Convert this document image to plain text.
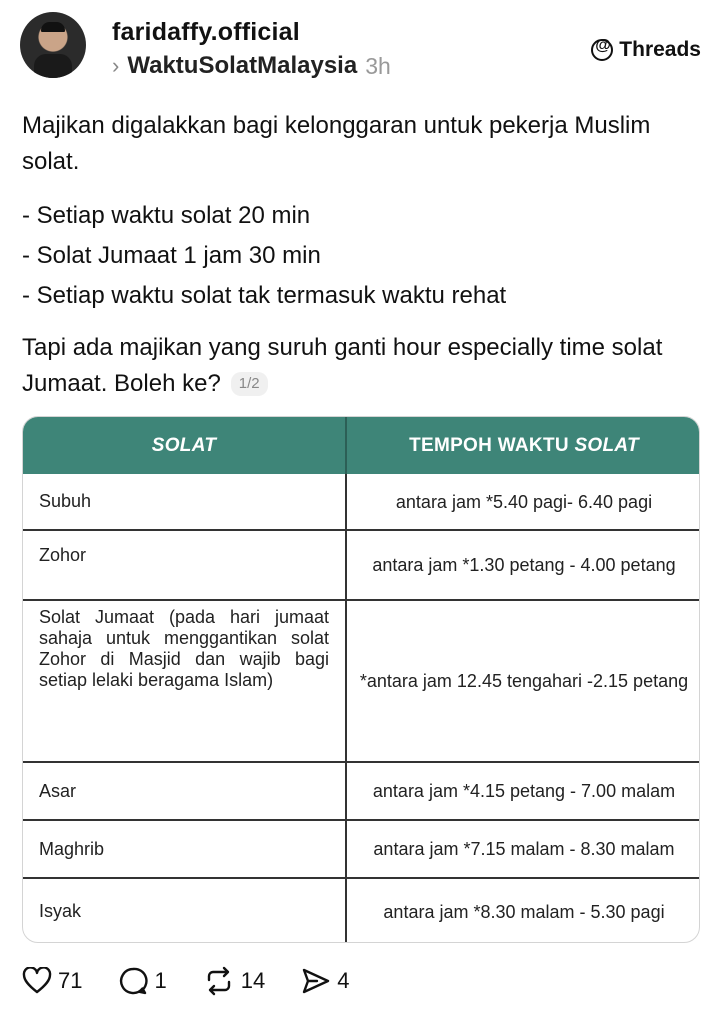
faridaffy.official
› WaktuSolatMalaysia 3h
@
Threads
Majikan digalakkan bagi kelonggaran untuk pekerja Muslim solat.
- Setiap waktu solat 20 min
- Solat Jumaat 1 jam 30 min
- Setiap waktu solat tak termasuk waktu rehat
Tapi ada majikan yang suruh ganti hour especially time solat Jumaat. Boleh ke? 1/2
SOLAT	TEMPOH WAKTU SOLAT
Subuh	antara jam *5.40 pagi- 6.40 pagi
Zohor	antara jam *1.30 petang - 4.00 petang
Solat Jumaat (pada hari jumaat sahaja untuk menggantikan solat Zohor di Masjid dan wajib bagi setiap lelaki beragama Islam)	*antara jam 12.45 tengahari -2.15 petang
Asar	antara jam *4.15 petang - 7.00 malam
Maghrib	antara jam *7.15 malam - 8.30 malam
Isyak	antara jam *8.30 malam - 5.30 pagi
71	1	14	4
